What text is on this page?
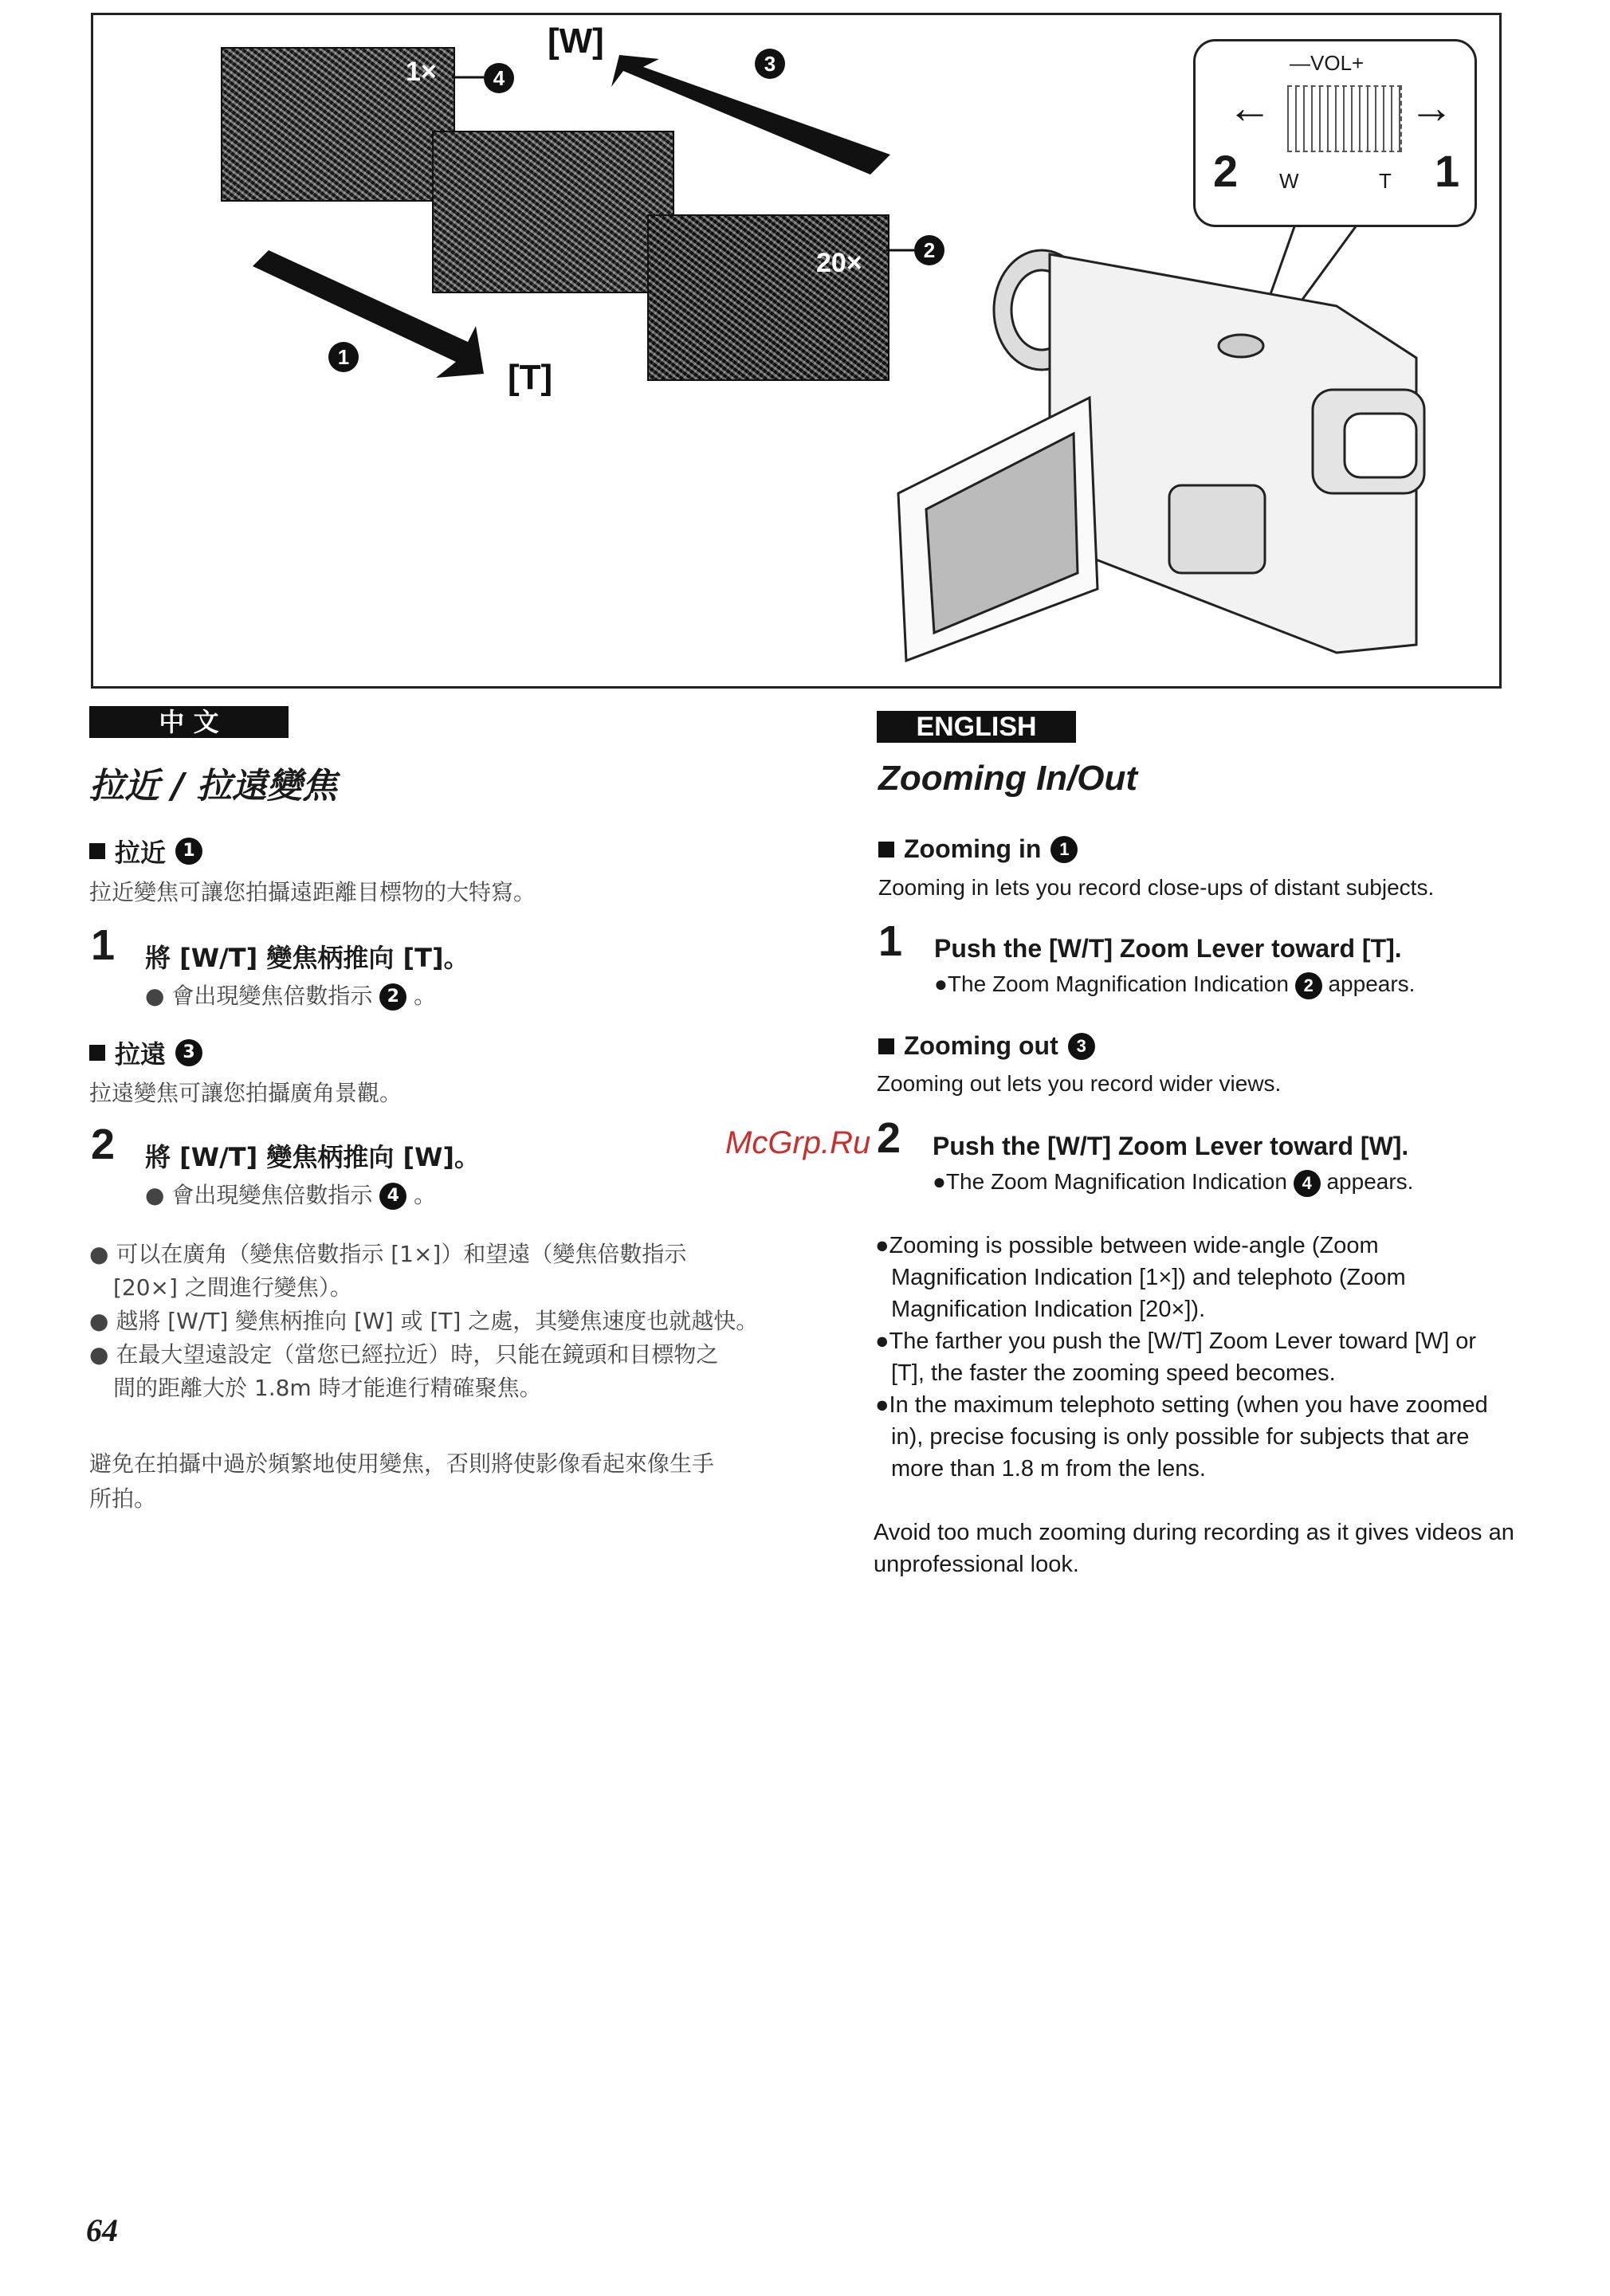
1×
20×
[W]
[T]
1
2
3
4
—VOL+
←	→
2	1
W	T
中 文
拉近 / 拉遠變焦
拉近 1
拉近變焦可讓您拍攝遠距離目標物的大特寫。
1 將 [W/T] 變焦柄推向 [T]。
● 會出現變焦倍數指示 2 。
拉遠 3
拉遠變焦可讓您拍攝廣角景觀。
2 將 [W/T] 變焦柄推向 [W]。
● 會出現變焦倍數指示 4 。
● 可以在廣角（變焦倍數指示 [1×]）和望遠（變焦倍數指示
[20×] 之間進行變焦）。
● 越將 [W/T] 變焦柄推向 [W] 或 [T] 之處，其變焦速度也就越快。
● 在最大望遠設定（當您已經拉近）時，只能在鏡頭和目標物之
間的距離大於 1.8m 時才能進行精確聚焦。
避免在拍攝中過於頻繁地使用變焦，否則將使影像看起來像生手
所拍。
ENGLISH
Zooming In/Out
Zooming in	1
Zooming in lets you record close-ups of distant subjects.
1 Push the [W/T] Zoom Lever toward [T].
●The Zoom Magnification Indication 2 appears.
Zooming out	3
Zooming out lets you record wider views.
2 Push the [W/T] Zoom Lever toward [W].
●The Zoom Magnification Indication 4 appears.
●Zooming is possible between wide-angle (Zoom
Magnification Indication [1×]) and telephoto (Zoom
Magnification Indication [20×]).
●The farther you push the [W/T] Zoom Lever toward [W] or
[T], the faster the zooming speed becomes.
●In the maximum telephoto setting (when you have zoomed
in), precise focusing is only possible for subjects that are
more than 1.8 m from the lens.
Avoid too much zooming during recording as it gives videos an
unprofessional look.
McGrp.Ru
64
